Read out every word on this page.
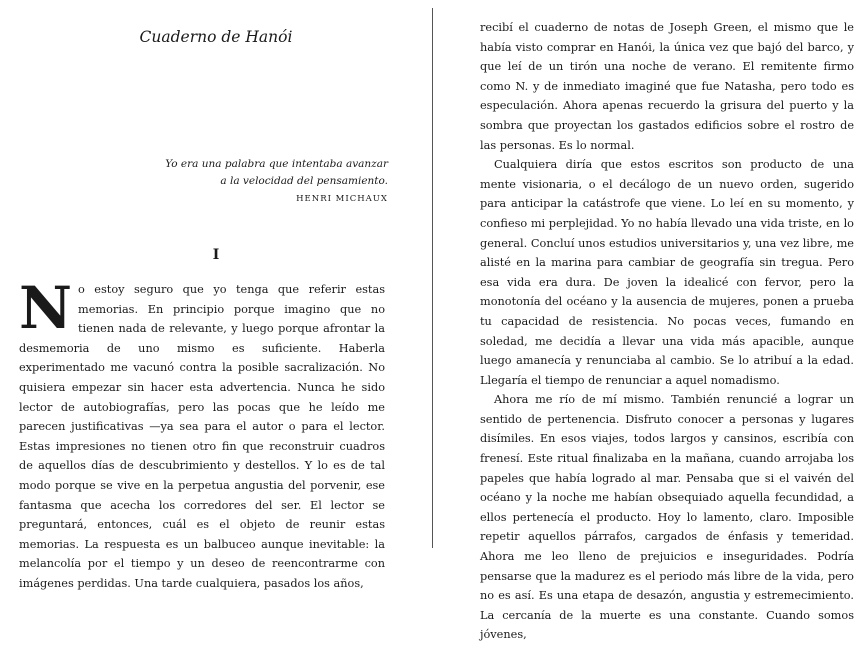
Cuaderno de Hanói
Yo era una palabra que intentaba avanzar
a la velocidad del pensamiento.
HENRI MICHAUX
I

No estoy seguro que yo tenga que referir estas memorias. En principio porque imagino que no tienen nada de relevante, y luego porque afrontar la desmemoria de uno mismo es suficiente. Haberla experimentado me vacunó contra la posible sacralización. No quisiera empezar sin hacer esta advertencia. Nunca he sido lector de autobiografías, pero las pocas que he leído me parecen justificativas —ya sea para el autor o para el lector. Estas impresiones no tienen otro fin que reconstruir cuadros de aquellos días de descubrimiento y destellos. Y lo es de tal modo porque se vive en la perpetua angustia del porvenir, ese fantasma que acecha los corredores del ser. El lector se preguntará, entonces, cuál es el objeto de reunir estas memorias. La respuesta es un balbuceo aunque inevitable: la melancolía por el tiempo y un deseo de reencontrarme con imágenes perdidas. Una tarde cualquiera, pasados los años,

recibí el cuaderno de notas de Joseph Green, el mismo que le había visto comprar en Hanói, la única vez que bajó del barco, y que leí de un tirón una noche de verano. El remitente firmo como N. y de inmediato imaginé que fue Natasha, pero todo es especulación. Ahora apenas recuerdo la grisura del puerto y la sombra que proyectan los gastados edificios sobre el rostro de las personas. Es lo normal.

Cualquiera diría que estos escritos son producto de una mente visionaria, o el decálogo de un nuevo orden, sugerido para anticipar la catástrofe que viene. Lo leí en su momento, y confieso mi perplejidad. Yo no había llevado una vida triste, en lo general. Concluí unos estudios universitarios y, una vez libre, me alisté en la marina para cambiar de geografía sin tregua. Pero esa vida era dura. De joven la idealicé con fervor, pero la monotonía del océano y la ausencia de mujeres, ponen a prueba tu capacidad de resistencia. No pocas veces, fumando en soledad, me decidía a llevar una vida más apacible, aunque luego amanecía y renunciaba al cambio. Se lo atribuí a la edad. Llegaría el tiempo de renunciar a aquel nomadismo.

Ahora me río de mí mismo. También renuncié a lograr un sentido de pertenencia. Disfruto conocer a personas y lugares disímiles. En esos viajes, todos largos y cansinos, escribía con frenesí. Este ritual finalizaba en la mañana, cuando arrojaba los papeles que había logrado al mar. Pensaba que si el vaivén del océano y la noche me habían obsequiado aquella fecundidad, a ellos pertenecía el producto. Hoy lo lamento, claro. Imposible repetir aquellos párrafos, cargados de énfasis y temeridad. Ahora me leo lleno de prejuicios e inseguridades. Podría pensarse que la madurez es el periodo más libre de la vida, pero no es así. Es una etapa de desazón, angustia y estremecimiento. La cercanía de la muerte es una constante. Cuando somos jóvenes,
